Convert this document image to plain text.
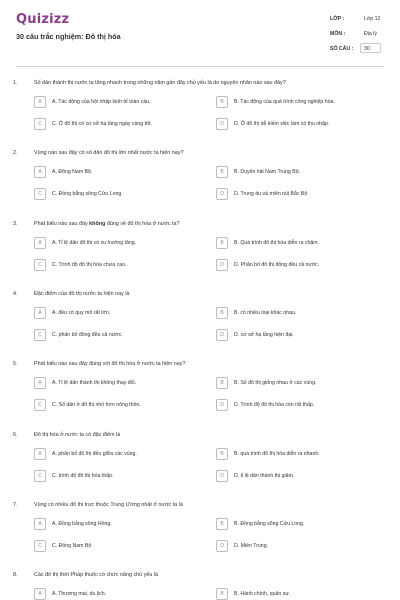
Quizizz
30 câu trắc nghiệm: Đô thị hóa
LỚP :	Lớp 12
MÔN :	Địa lý
SỐ CÂU : 30
1.	Số dân thành thị nước ta tăng nhanh trong những năm gần đây chủ yếu là do nguyên nhân nào sau đây?
A	A. Tác động của hội nhập kinh tế toàn cầu.	B	B. Tác động của quá trình công nghiệp hóa.
C	C. Ở đô thị có cơ sở hạ tầng ngày càng tốt.	D	D. Ở đô thị dễ kiếm việc làm có thu nhập.
2.	Vùng nào sau đây có số dân đô thị lớn nhất nước ta hiện nay?
A	A. Đông Nam Bộ.	B	B. Duyên hải Nam Trung Bộ.
C	C. Đồng bằng sông Cửu Long.	D	D. Trung du và miền núi Bắc Bộ.
3.	Phát biểu nào sau đây không đúng về đô thị hóa ở nước ta?
A	A. Tỉ lệ dân đô thị có xu hướng tăng.	B	B. Quá trình đô thị hóa diễn ra chậm.
C	C. Trình độ đô thị hóa chưa cao.	D	D. Phân bố đô thị đồng đều cả nước.
4.	Đặc điểm của đô thị nước ta hiện nay là
A	A. đều có quy mô rất lớn.	B	B. có nhiều loại khác nhau.
C	C. phân bố đồng đều cả nước.	D	D. cơ sở hạ tầng hiện đại.
5.	Phát biểu nào sau đây đúng với đô thị hóa ở nước ta hiện nay?
A	A. Tỉ lệ dân thành thị không thay đổi.	B	B. Số đô thị giống nhau ở các vùng.
C	C. Số dân ở đô thị nhỏ hơn nông thôn.	D	D. Trình độ đô thị hóa còn rất thấp.
6.	Đô thị hóa ở nước ta có đặc điểm là
A	A. phân bố đô thị đều giữa các vùng.	B	B. quá trình đô thị hóa diễn ra nhanh.
C	C. trình độ đô thị hóa thấp.	D	D. tỉ lệ dân thành thị giảm.
7.	Vùng có nhiều đô thị trực thuộc Trung Ương nhất ở nước ta là
A	A. Đồng bằng sông Hồng.	B	B. Đồng bằng sông Cửu Long.
C	C. Đông Nam Bộ.	D	D. Miền Trung.
8.	Các đô thị thời Pháp thuộc có chức năng chủ yếu là
A	A. Thương mại, du lịch.	B	B. Hành chính, quân sự.
